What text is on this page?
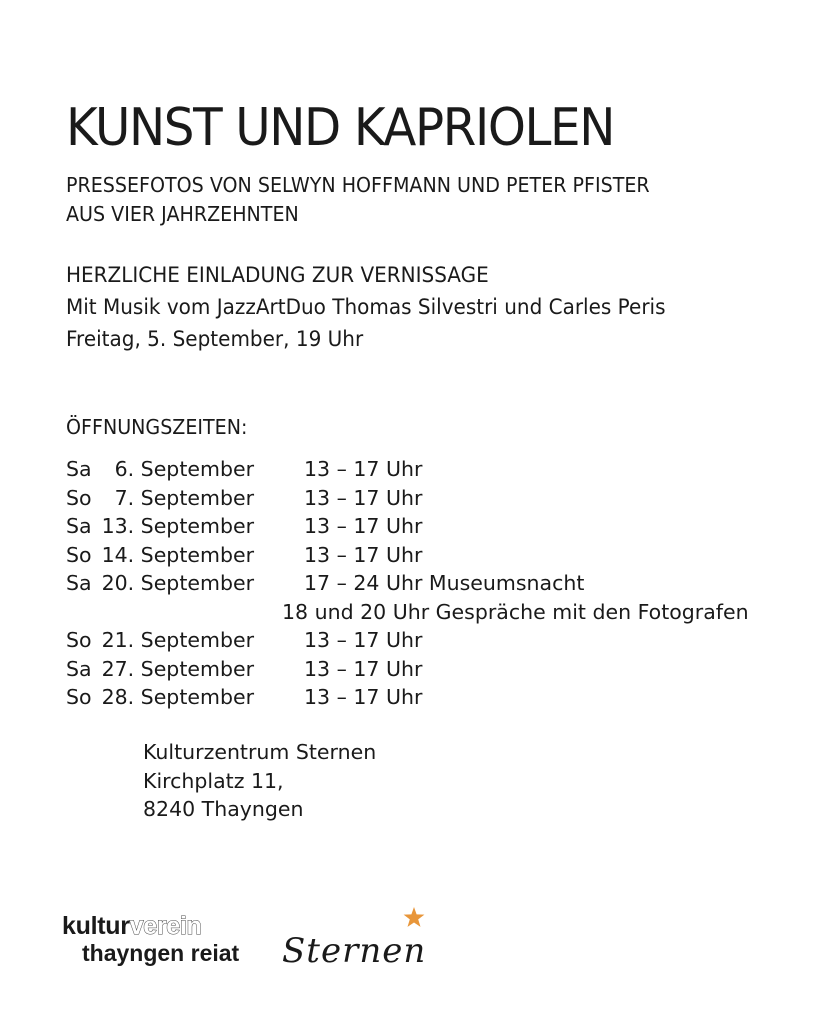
KUNST UND KAPRIOLEN
PRESSEFOTOS VON SELWYN HOFFMANN UND PETER PFISTER
AUS VIER JAHRZEHNTEN
HERZLICHE EINLADUNG ZUR VERNISSAGE
Mit Musik vom JazzArtDuo Thomas Silvestri und Carles Peris
Freitag, 5. September, 19 Uhr
ÖFFNUNGSZEITEN:
Sa	6. September 13 – 17 Uhr
So	7. September 13 – 17 Uhr
Sa 13. September 13 – 17 Uhr
So 14. September 13 – 17 Uhr
Sa 20. September 17 – 24 Uhr Museumsnacht
18 und 20 Uhr Gespräche mit den Fotografen
So 21. September 13 – 17 Uhr
Sa 27. September 13 – 17 Uhr
So 28. September 13 – 17 Uhr
Kulturzentrum Sternen
Kirchplatz 11,
8240 Thayngen
kulturverein
thayngen reiat Sternen
